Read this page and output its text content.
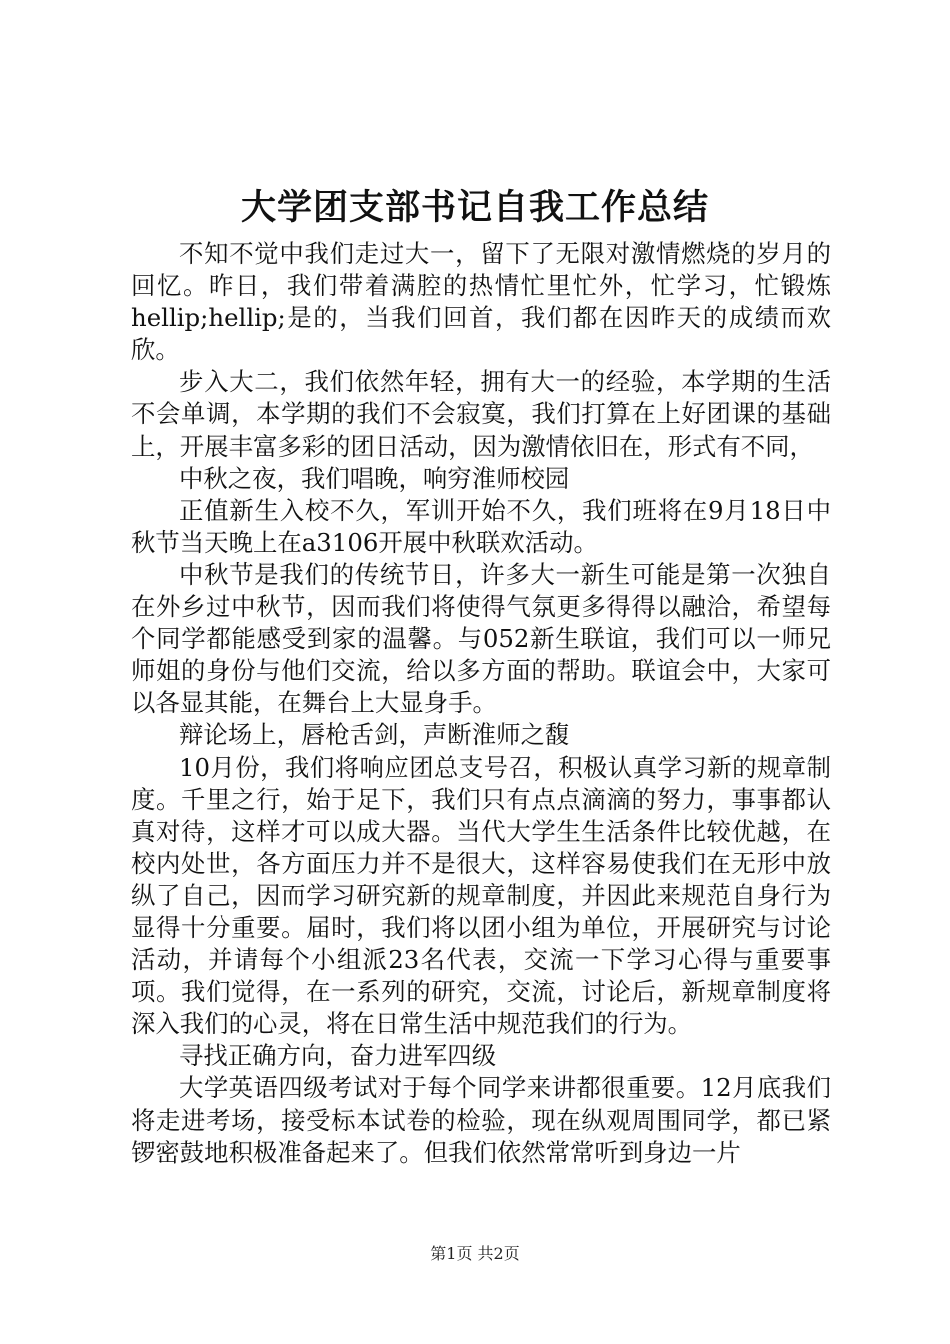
大学团支部书记自我工作总结

不知不觉中我们走过大一，留下了无限对激情燃烧的岁月的回忆。昨日，我们带着满腔的热情忙里忙外，忙学习，忙锻炼hellip;hellip;是的，当我们回首，我们都在因昨天的成绩而欢欣。

步入大二，我们依然年轻，拥有大一的经验，本学期的生活不会单调，本学期的我们不会寂寞，我们打算在上好团课的基础上，开展丰富多彩的团日活动，因为激情依旧在，形式有不同，

中秋之夜，我们唱晚，响穷淮师校园

正值新生入校不久，军训开始不久，我们班将在9月18日中秋节当天晚上在a3106开展中秋联欢活动。

中秋节是我们的传统节日，许多大一新生可能是第一次独自在外乡过中秋节，因而我们将使得气氛更多得得以融洽，希望每个同学都能感受到家的温馨。与052新生联谊，我们可以一师兄师姐的身份与他们交流，给以多方面的帮助。联谊会中，大家可以各显其能，在舞台上大显身手。

辩论场上，唇枪舌剑，声断淮师之馥

10月份，我们将响应团总支号召，积极认真学习新的规章制度。千里之行，始于足下，我们只有点点滴滴的努力，事事都认真对待，这样才可以成大器。当代大学生生活条件比较优越，在校内处世，各方面压力并不是很大，这样容易使我们在无形中放纵了自己，因而学习研究新的规章制度，并因此来规范自身行为显得十分重要。届时，我们将以团小组为单位，开展研究与讨论活动，并请每个小组派23名代表，交流一下学习心得与重要事项。我们觉得，在一系列的研究，交流，讨论后，新规章制度将深入我们的心灵，将在日常生活中规范我们的行为。

寻找正确方向，奋力进军四级

大学英语四级考试对于每个同学来讲都很重要。12月底我们将走进考场，接受标本试卷的检验，现在纵观周围同学，都已紧锣密鼓地积极准备起来了。但我们依然常常听到身边一片

第1页 共2页
